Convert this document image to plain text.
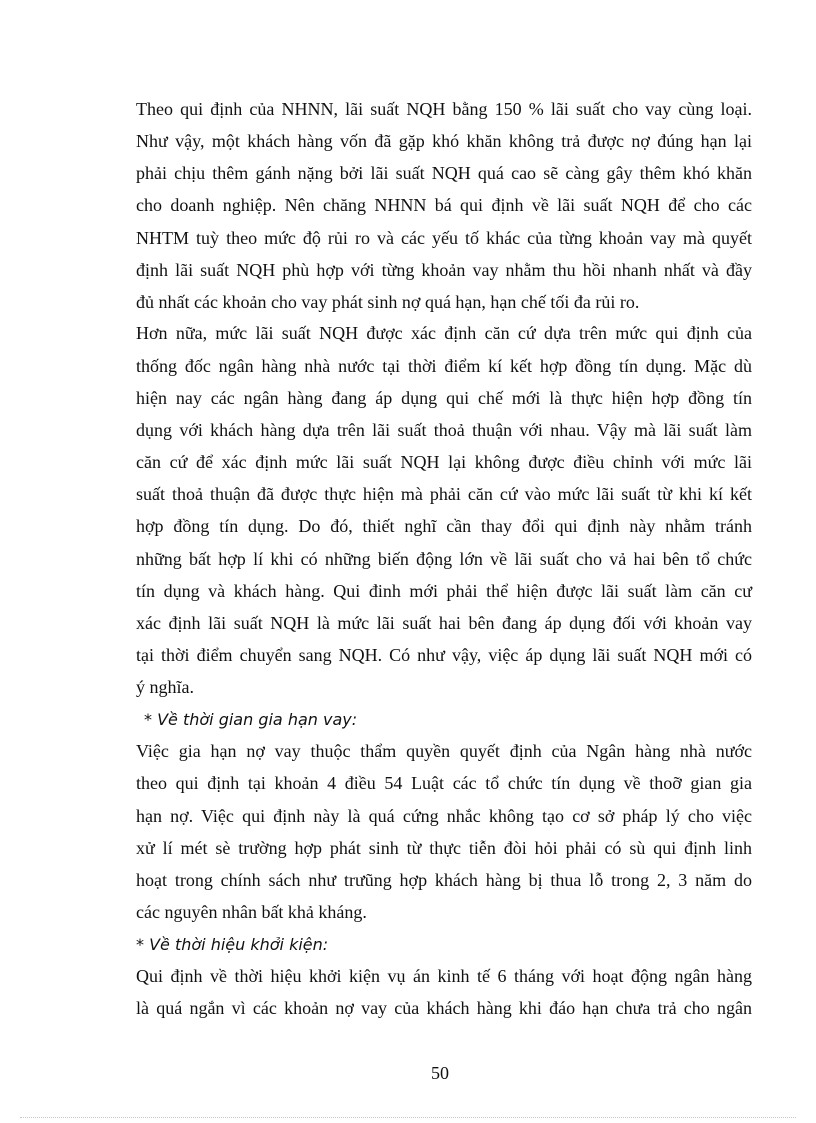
Theo qui định của NHNN, lãi suất NQH bằng 150 % lãi suất cho vay cùng loại.
Như vậy, một khách hàng vốn đã gặp khó khăn không trả được nợ đúng hạn lại
phải chịu thêm gánh nặng bởi lãi suất NQH quá cao sẽ càng gây thêm khó khăn
cho doanh nghiệp. Nên chăng NHNN bá qui định về lãi suất NQH để cho các
NHTM tuỳ theo mức độ rủi ro và các yếu tố khác của từng khoản vay mà quyết
định lãi suất NQH phù hợp với từng khoản vay nhằm thu hồi nhanh nhất và đầy
đủ nhất các khoản cho vay phát sinh nợ quá hạn, hạn chế tối đa rủi ro.
Hơn nữa, mức lãi suất NQH được xác định căn cứ dựa trên mức qui định của
thống đốc ngân hàng nhà nước tại thời điểm kí kết hợp đồng tín dụng. Mặc dù
hiện nay các ngân hàng đang áp dụng qui chế mới là thực hiện hợp đồng tín
dụng với khách hàng dựa trên lãi suất thoả thuận với nhau. Vậy mà lãi suất làm
căn cứ để xác định mức lãi suất NQH lại không được điều chỉnh với mức lãi
suất thoả thuận đã được thực hiện mà phải căn cứ vào mức lãi suất từ khi kí kết
hợp đồng tín dụng. Do đó, thiết nghĩ cần thay đổi qui định này nhằm tránh
những bất hợp lí khi có những biến động lớn về lãi suất cho vả hai bên tổ chức
tín dụng và khách hàng. Qui đinh mới phải thể hiện được lãi suất làm căn cư
xác định lãi suất NQH là mức lãi suất hai bên đang áp dụng đối với khoản vay
tại thời điểm chuyển sang NQH. Có như vậy, việc áp dụng lãi suất NQH mới có
ý nghĩa.
* Về thời gian gia hạn vay:
Việc gia hạn nợ vay thuộc thẩm quyền quyết định của Ngân hàng nhà nước
theo qui định tại khoản 4 điều 54 Luật các tổ chức tín dụng về thoỡ gian gia
hạn nợ. Việc qui định này là quá cứng nhắc không tạo cơ sở pháp lý cho việc
xử lí mét sè trường hợp phát sinh từ thực tiễn đòi hỏi phải có sù qui định linh
hoạt trong chính sách như trưũng hợp khách hàng bị thua lỗ trong 2, 3 năm do
các nguyên nhân bất khả kháng.
* Về thời hiệu khởi kiện:
Qui định về thời hiệu khởi kiện vụ án kinh tế 6 tháng với hoạt động ngân hàng
là quá ngắn vì các khoản nợ vay của khách hàng khi đáo hạn chưa trả cho ngân
50
